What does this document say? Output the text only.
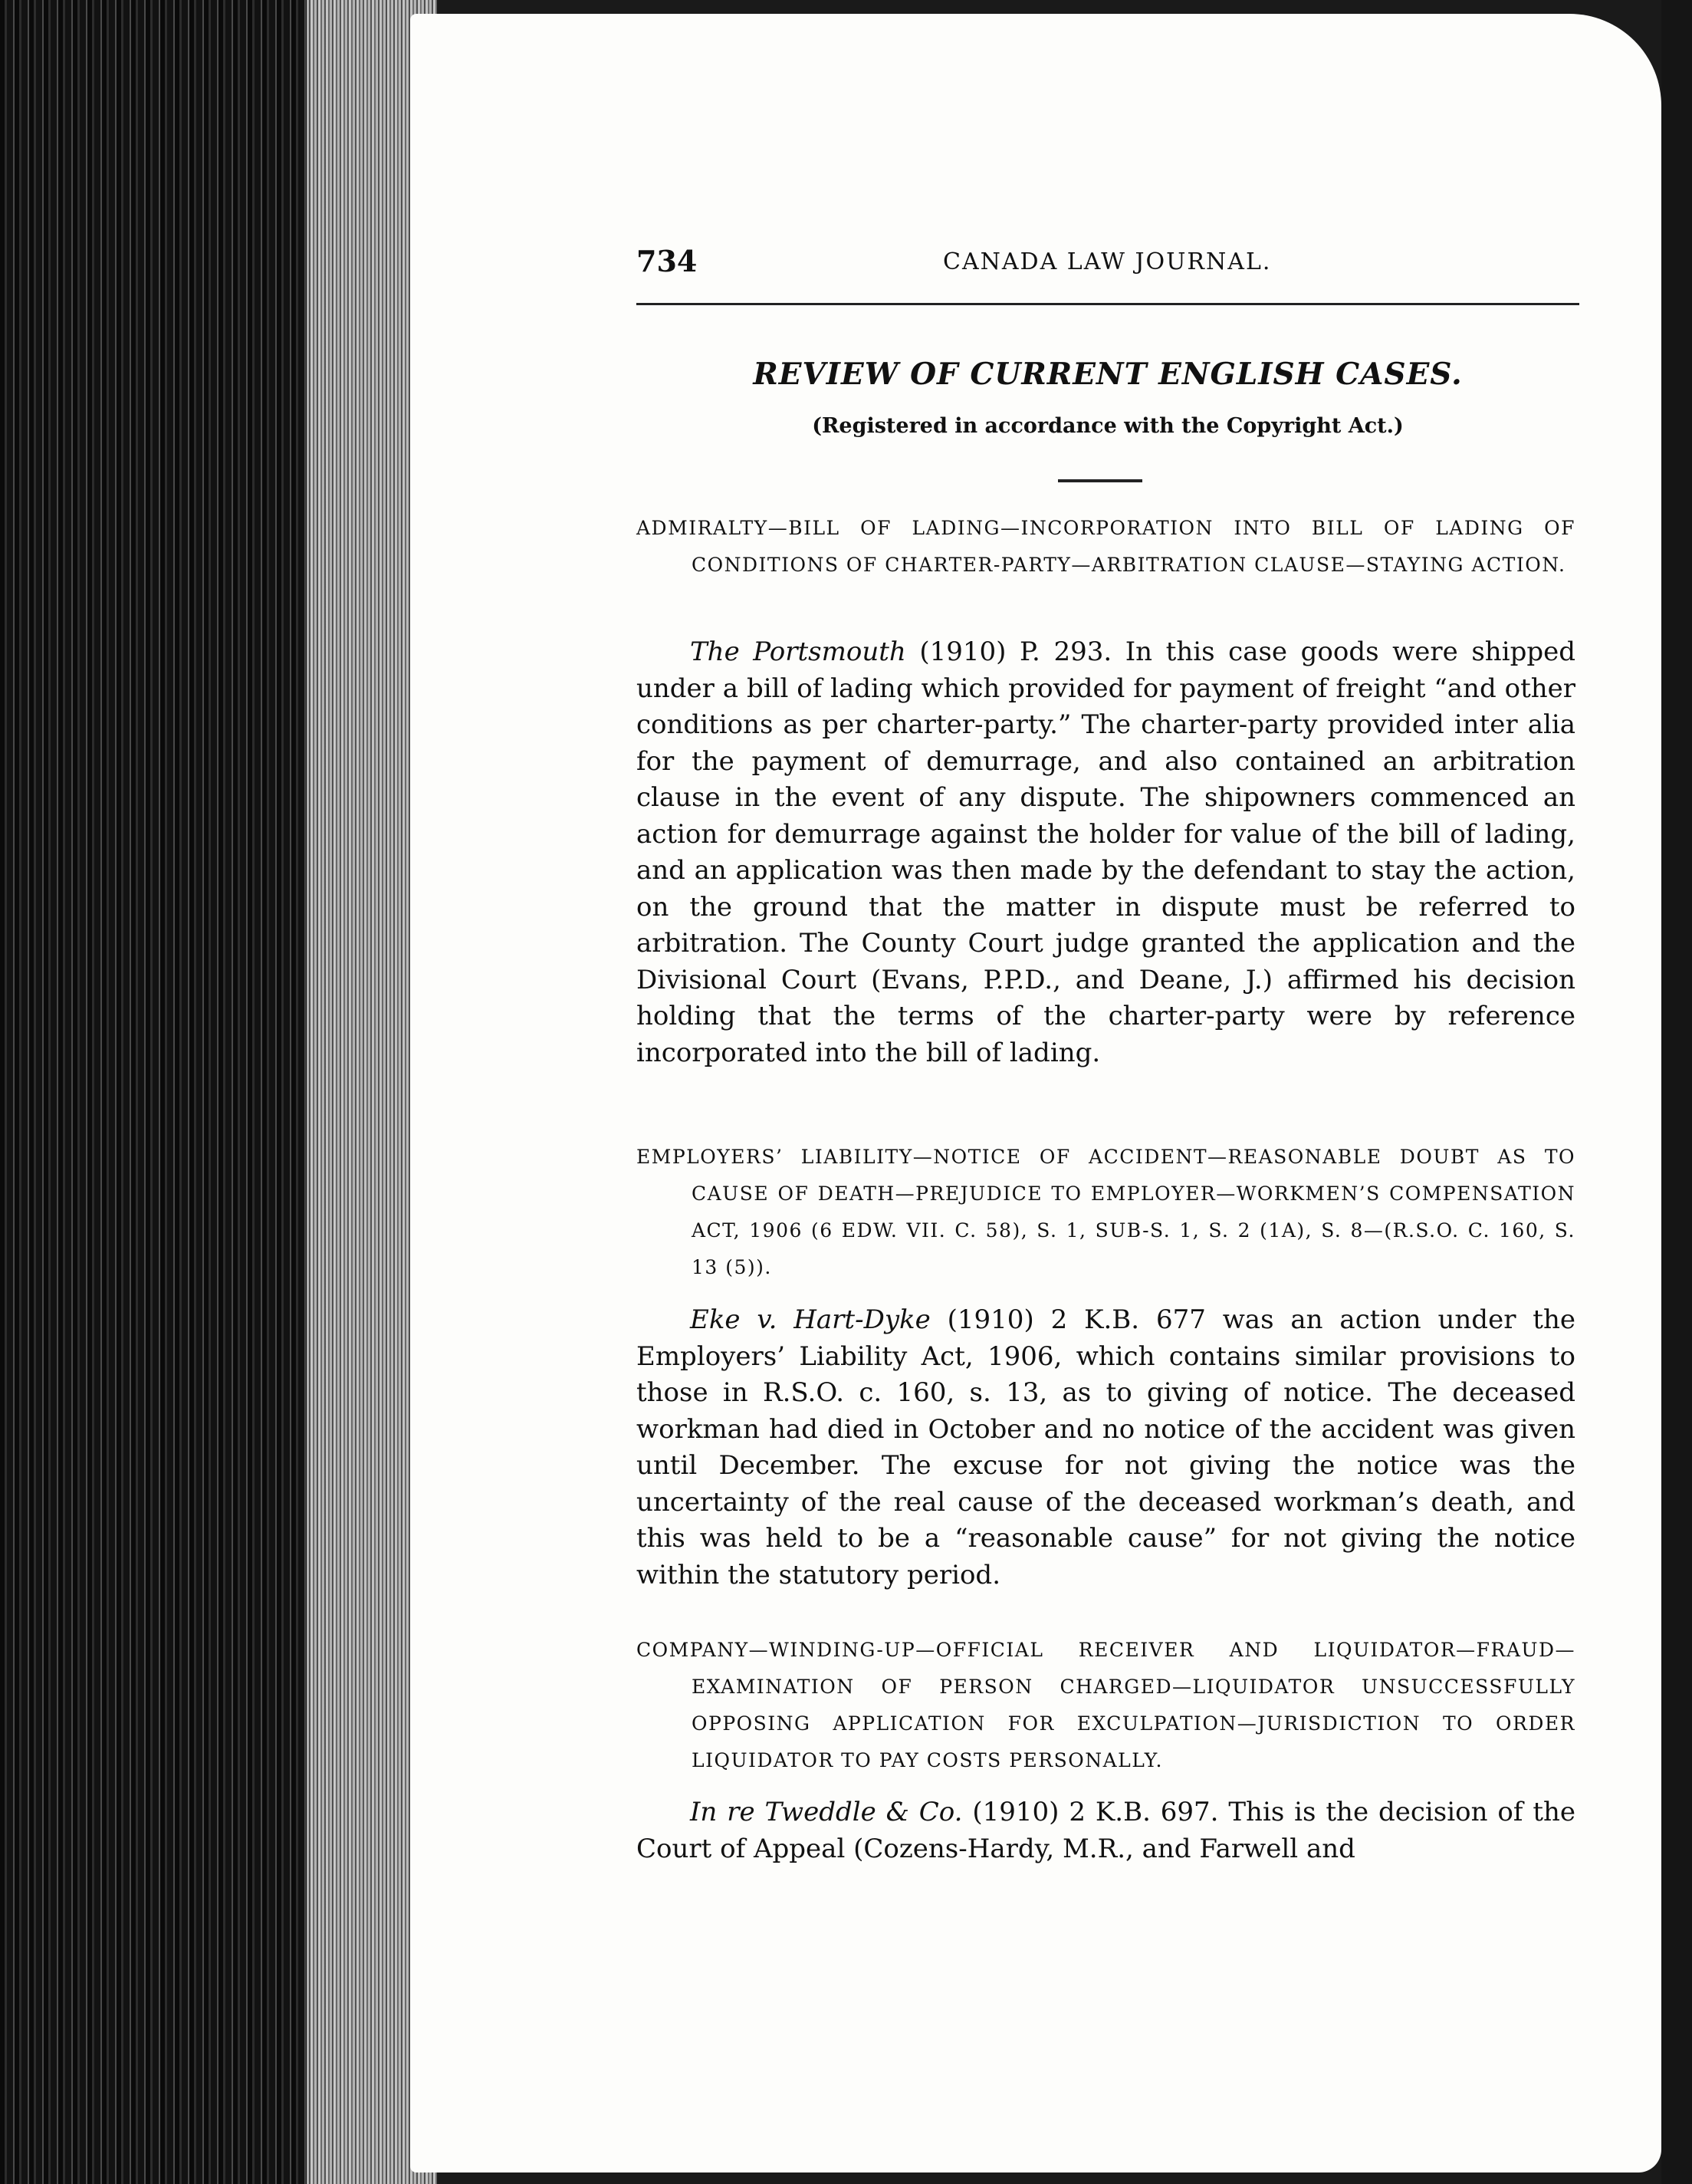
734	CANADA LAW JOURNAL.
REVIEW OF CURRENT ENGLISH CASES.
(Registered in accordance with the Copyright Act.)
ADMIRALTY—BILL OF LADING—INCORPORATION INTO BILL OF LADING OF CONDITIONS OF CHARTER-PARTY—ARBITRATION CLAUSE—STAYING ACTION.
The Portsmouth (1910) P. 293. In this case goods were shipped under a bill of lading which provided for payment of freight “and other conditions as per charter-party.” The charter-party provided inter alia for the payment of demurrage, and also contained an arbitration clause in the event of any dispute. The shipowners commenced an action for demurrage against the holder for value of the bill of lading, and an application was then made by the defendant to stay the action, on the ground that the matter in dispute must be referred to arbitration. The County Court judge granted the application and the Divisional Court (Evans, P.P.D., and Deane, J.) affirmed his decision holding that the terms of the charter-party were by reference incorporated into the bill of lading.
EMPLOYERS’ LIABILITY—NOTICE OF ACCIDENT—REASONABLE DOUBT AS TO CAUSE OF DEATH—PREJUDICE TO EMPLOYER—WORKMEN’S COMPENSATION ACT, 1906 (6 EDW. VII. C. 58), S. 1, SUB-S. 1, S. 2 (1A), S. 8—(R.S.O. C. 160, S. 13 (5)).
Eke v. Hart-Dyke (1910) 2 K.B. 677 was an action under the Employers’ Liability Act, 1906, which contains similar provisions to those in R.S.O. c. 160, s. 13, as to giving of notice. The deceased workman had died in October and no notice of the accident was given until December. The excuse for not giving the notice was the uncertainty of the real cause of the deceased workman’s death, and this was held to be a “reasonable cause” for not giving the notice within the statutory period.
COMPANY—WINDING-UP—OFFICIAL RECEIVER AND LIQUIDATOR—FRAUD—EXAMINATION OF PERSON CHARGED—LIQUIDATOR UNSUCCESSFULLY OPPOSING APPLICATION FOR EXCULPATION—JURISDICTION TO ORDER LIQUIDATOR TO PAY COSTS PERSONALLY.
In re Tweddle & Co. (1910) 2 K.B. 697. This is the decision of the Court of Appeal (Cozens-Hardy, M.R., and Farwell and
